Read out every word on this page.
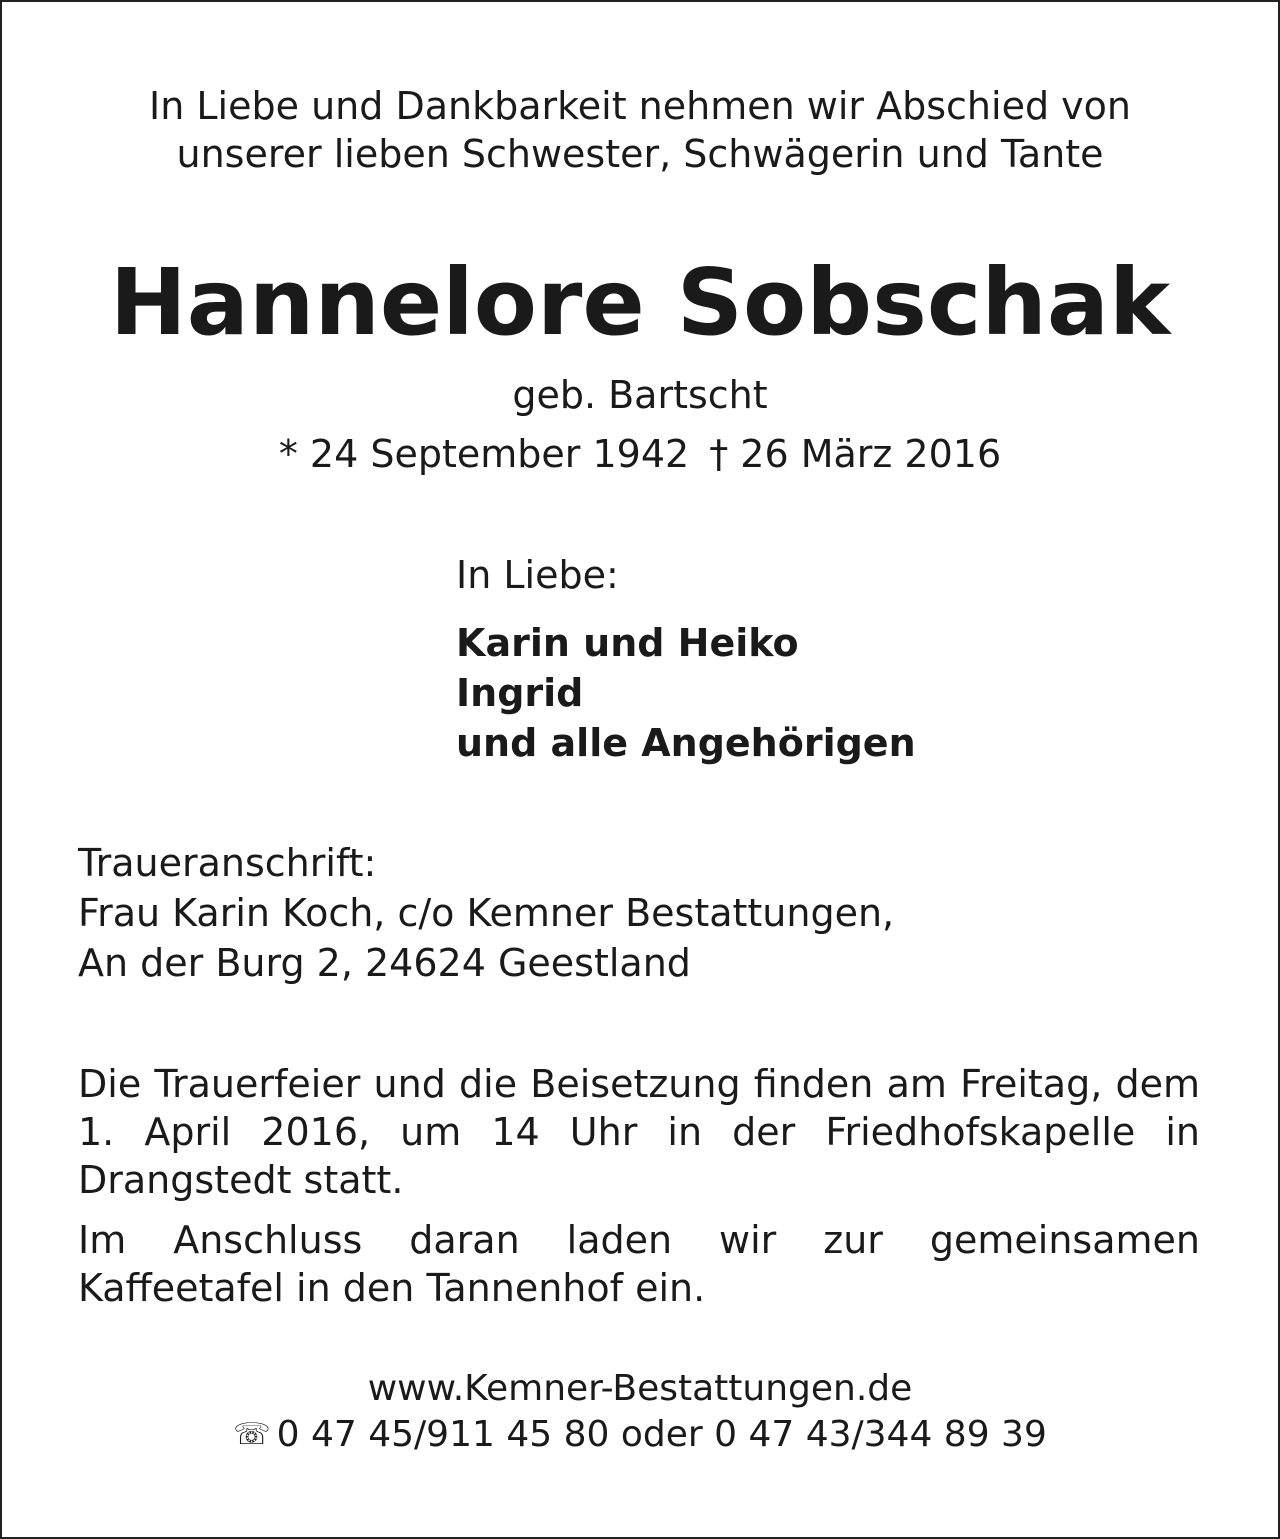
In Liebe und Dankbarkeit nehmen wir Abschied von
unserer lieben Schwester, Schwägerin und Tante
Hannelore Sobschak
geb. Bartscht
* 24 September 1942 † 26 März 2016
In Liebe:
Karin und Heiko
Ingrid
und alle Angehörigen
Traueranschrift:
Frau Karin Koch, c/o Kemner Bestattungen,
An der Burg 2, 24624 Geestland

Die Trauerfeier und die Beisetzung finden am Freitag, dem 1. April 2016, um 14 Uhr in der Friedhofskapelle in Drangstedt statt.

Im Anschluss daran laden wir zur gemeinsamen Kaffeetafel in den Tannenhof ein.

www.Kemner-Bestattungen.de
☏ 0 47 45/911 45 80 oder 0 47 43/344 89 39
